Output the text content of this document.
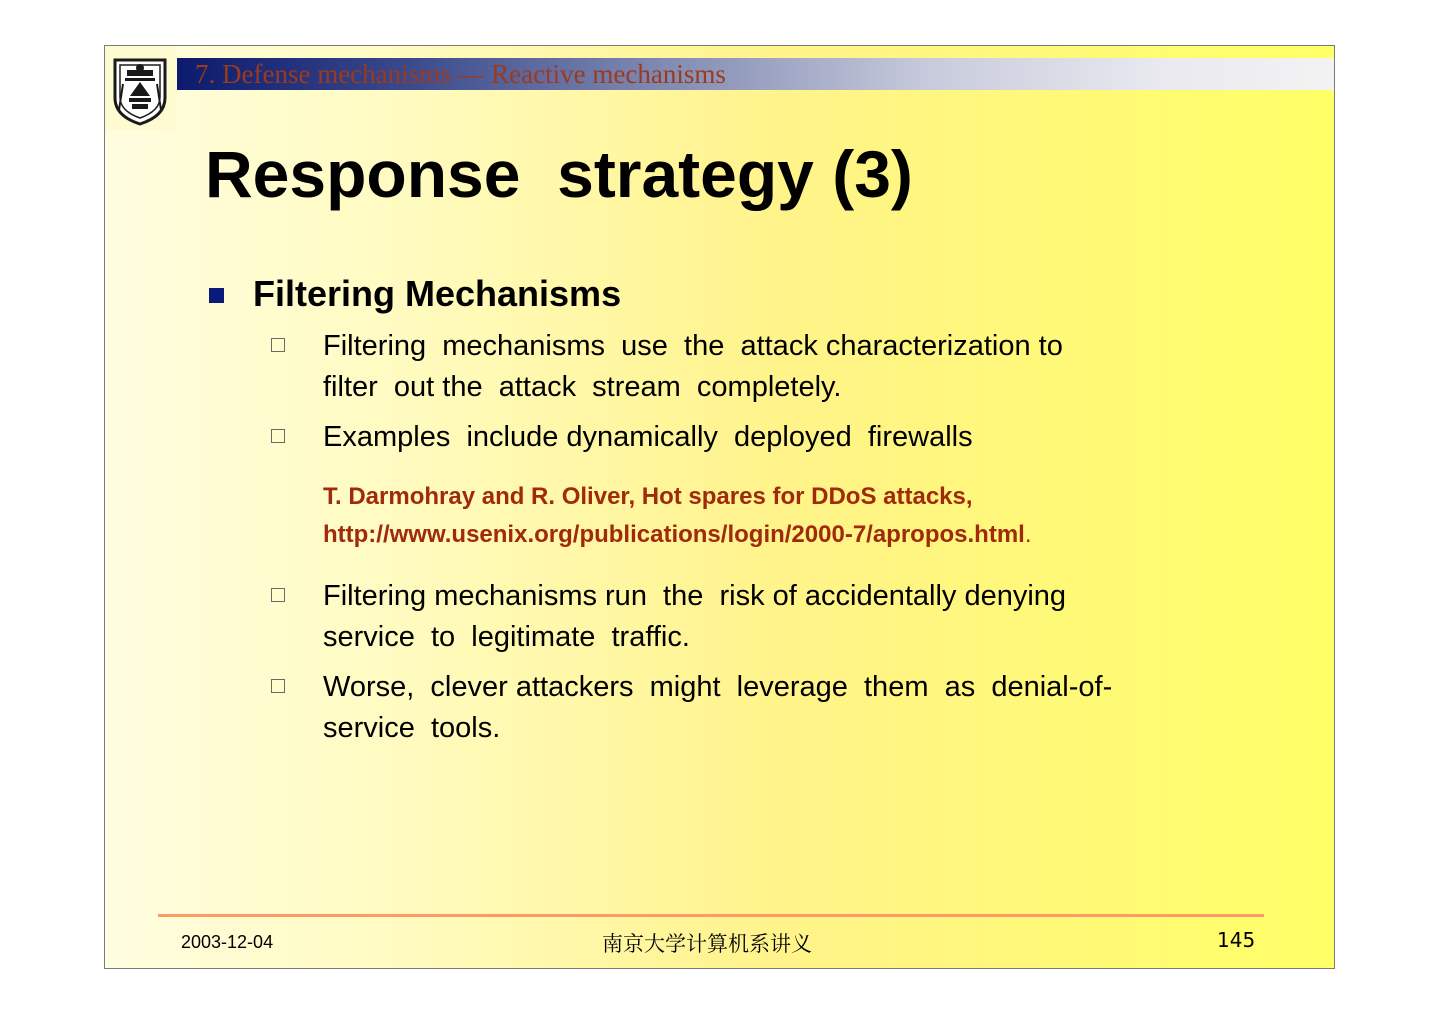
7. Defense mechanisms — Reactive mechanisms
Response  strategy (3)
Filtering Mechanisms
Filtering  mechanisms  use  the  attack characterization to
filter  out the  attack  stream  completely.
Examples  include dynamically  deployed  firewalls
T. Darmohray and R. Oliver, Hot spares for DDoS attacks,
http://www.usenix.org/publications/login/2000-7/apropos.html.
Filtering mechanisms run  the  risk of accidentally denying
service  to  legitimate  traffic.
Worse,  clever attackers  might  leverage  them  as  denial-of-
service  tools.
2003-12-04	南京大学计算机系讲义	145
